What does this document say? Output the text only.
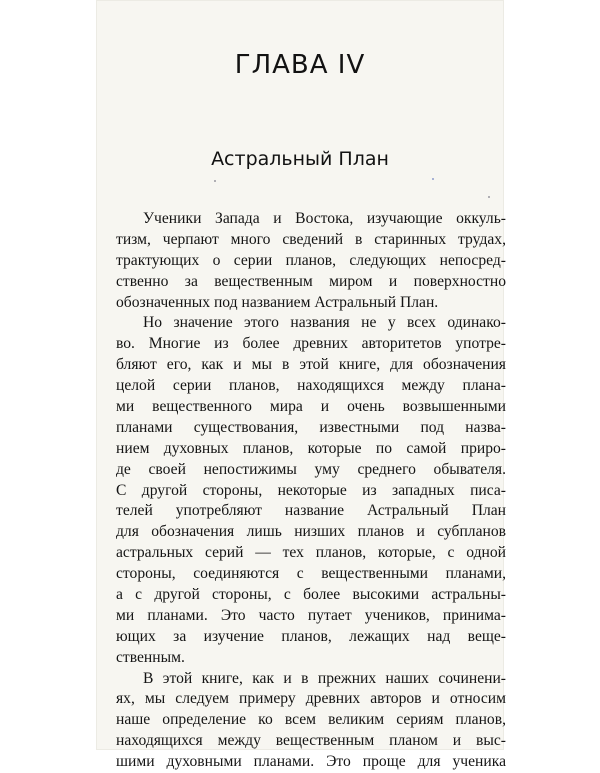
ГЛАВА IV
Астральный План
Ученики Запада и Востока, изучающие оккуль-
тизм, черпают много сведений в старинных трудах,
трактующих о серии планов, следующих непосред-
ственно за вещественным миром и поверхностно
обозначенных под названием Астральный План.
Но значение этого названия не у всех одинако-
во. Многие из более древних авторитетов употре-
бляют его, как и мы в этой книге, для обозначения
целой серии планов, находящихся между плана-
ми вещественного мира и очень возвышенными
планами существования, известными под назва-
нием духовных планов, которые по самой приро-
де своей непостижимы уму среднего обывателя.
С другой стороны, некоторые из западных писа-
телей употребляют название Астральный План
для обозначения лишь низших планов и субпланов
астральных серий — тех планов, которые, с одной
стороны, соединяются с вещественными планами,
а с другой стороны, с более высокими астральны-
ми планами. Это часто путает учеников, принима-
ющих за изучение планов, лежащих над веще-
ственным.
В этой книге, как и в прежних наших сочинени-
ях, мы следуем примеру древних авторов и относим
наше определение ко всем великим сериям планов,
находящихся между вещественным планом и выс-
шими духовными планами. Это проще для ученика
